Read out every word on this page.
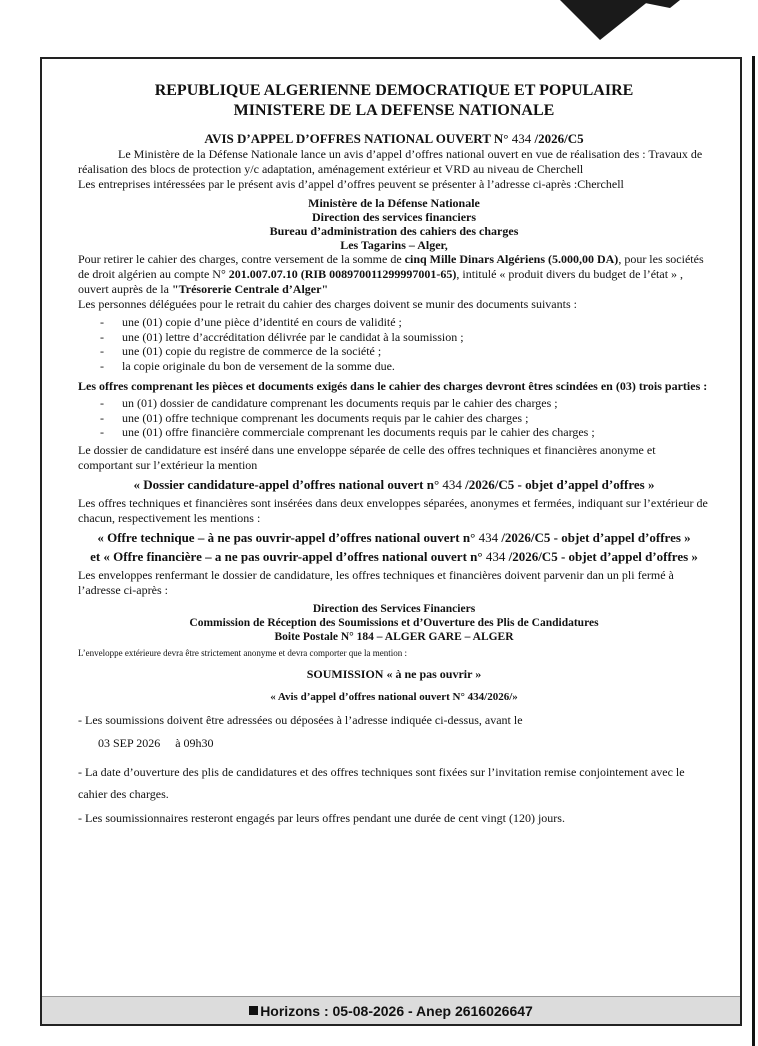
REPUBLIQUE ALGERIENNE DEMOCRATIQUE ET POPULAIRE

MINISTERE DE LA DEFENSE NATIONALE

AVIS D’APPEL D’OFFRES NATIONAL OUVERT N° 434 /2026/C5

Le Ministère de la Défense Nationale lance un avis d’appel d’offres national ouvert en vue de réalisation des : Travaux de réalisation des blocs de protection y/c adaptation, aménagement extérieur et VRD au niveau de Cherchell

Les entreprises intéressées par le présent avis d’appel d’offres peuvent se présenter à l’adresse ci-après :Cherchell

Ministère de la Défense Nationale

Direction des services financiers

Bureau d’administration des cahiers des charges

Les Tagarins – Alger,

Pour retirer le cahier des charges, contre versement de la somme de cinq Mille Dinars Algériens (5.000,00 DA), pour les sociétés de droit algérien au compte N° 201.007.07.10 (RIB 008970011299997001-65), intitulé « produit divers du budget de l’état » , ouvert auprès de la "Trésorerie Centrale d’Alger"

Les personnes déléguées pour le retrait du cahier des charges doivent se munir des documents suivants :

- une (01) copie d’une pièce d’identité en cours de validité ;
- une (01) lettre d’accréditation délivrée par le candidat à la soumission ;
- une (01) copie du registre de commerce de la société ;
- la copie originale du bon de versement de la somme due.

Les offres comprenant les pièces et documents exigés dans le cahier des charges devront êtres scindées en (03) trois parties :

- un (01) dossier de candidature comprenant les documents requis par le cahier des charges ;
- une (01) offre technique comprenant les documents requis par le cahier des charges ;
- une (01) offre financière commerciale comprenant les documents requis par le cahier des charges ;

Le dossier de candidature est inséré dans une enveloppe séparée de celle des offres techniques et financières anonyme et comportant sur l’extérieur la mention

« Dossier candidature-appel d’offres national ouvert n° 434 /2026/C5 - objet d’appel d’offres »

Les offres techniques et financières sont insérées dans deux enveloppes séparées, anonymes et fermées, indiquant sur l’extérieur de chacun, respectivement les mentions :

« Offre technique – à ne pas ouvrir-appel d’offres national ouvert n° 434 /2026/C5 - objet d’appel d’offres »

et « Offre financière – a ne pas ouvrir-appel d’offres national ouvert n° 434 /2026/C5 - objet d’appel d’offres »

Les enveloppes renfermant le dossier de candidature, les offres techniques et financières doivent parvenir dan un pli fermé à l’adresse ci-après :

Direction des Services Financiers

Commission de Réception des Soumissions et d’Ouverture des Plis de Candidatures

Boite Postale N° 184 – ALGER GARE – ALGER

L’enveloppe extérieure devra être strictement anonyme et devra comporter que la mention :

SOUMISSION « à ne pas ouvrir »

« Avis d’appel d’offres national ouvert N° 434/2026/»

- Les soumissions doivent être adressées ou déposées à l’adresse indiquée ci-dessus, avant le

03 SEP 2026 à 09h30

- La date d’ouverture des plis de candidatures et des offres techniques sont fixées sur l’invitation remise conjointement avec le cahier des charges.

- Les soumissionnaires resteront engagés par leurs offres pendant une durée de cent vingt (120) jours.

Horizons : 05-08-2026 - Anep 2616026647
